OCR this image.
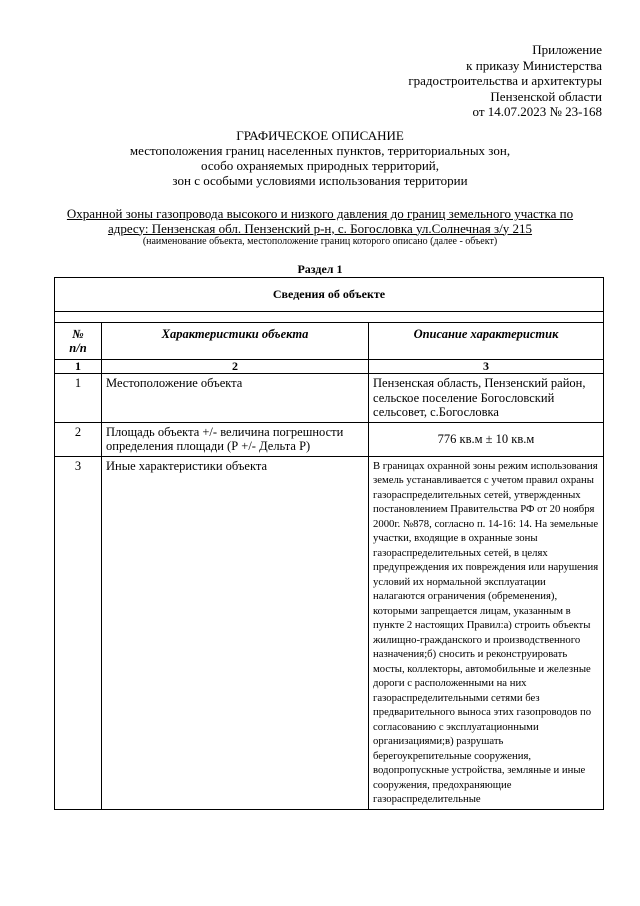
Приложение
к приказу Министерства
градостроительства и архитектуры
Пензенской области
от 14.07.2023 № 23-168
ГРАФИЧЕСКОЕ ОПИСАНИЕ
местоположения границ населенных пунктов, территориальных зон,
особо охраняемых природных территорий,
зон с особыми условиями использования территории
Охранной зоны газопровода высокого и низкого давления до границ земельного участка по
адресу: Пензенская обл. Пензенский р-н, с. Богословка ул.Солнечная з/у 215
(наименование объекта, местоположение границ которого описано (далее - объект)
Раздел 1
Сведения об объекте		

№
п/п	Характеристики объекта	Описание характеристик
1	2	3
1	Местоположение объекта	Пензенская область, Пензенский район, сельское поселение Богословский сельсовет, с.Богословка
2	Площадь объекта +/- величина погрешности определения площади (Р +/- Дельта Р)	776 кв.м ± 10 кв.м
3	Иные характеристики объекта	В границах охранной зоны режим использования земель устанавливается с учетом правил охраны газораспределительных сетей, утвержденных постановлением Правительства РФ от 20 ноября 2000г. №878, согласно п. 14-16: 14. На земельные участки, входящие в охранные зоны газораспределительных сетей, в целях предупреждения их повреждения или нарушения условий их нормальной эксплуатации налагаются ограничения (обременения), которыми запрещается лицам, указанным в пункте 2 настоящих Правил:а) строить объекты жилищно-гражданского и производственного назначения;б) сносить и реконструировать мосты, коллекторы, автомобильные и железные дороги с расположенными на них газораспределительными сетями без предварительного выноса этих газопроводов по согласованию с эксплуатационными организациями;в) разрушать берегоукрепительные сооружения, водопропускные устройства, земляные и иные сооружения, предохраняющие газораспределительные
